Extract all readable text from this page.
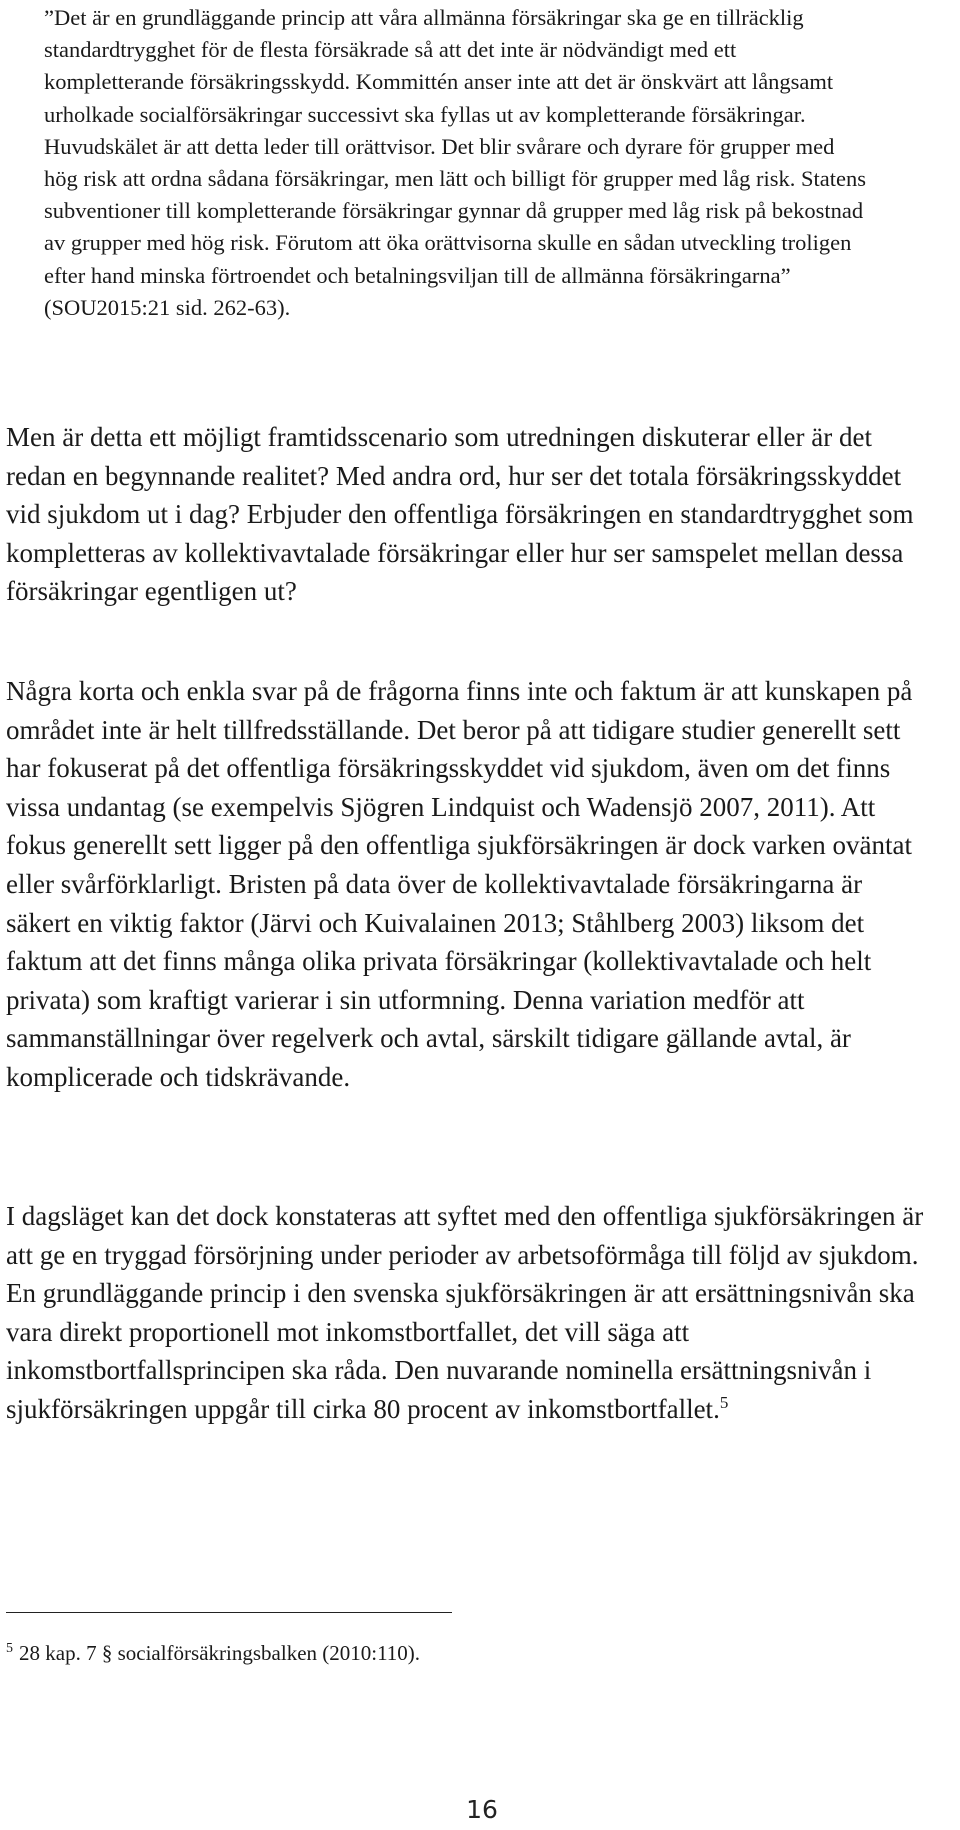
”Det är en grundläggande princip att våra allmänna försäkringar ska ge en tillräcklig standardtrygghet för de flesta försäkrade så att det inte är nödvändigt med ett kompletterande försäkringsskydd. Kommittén anser inte att det är önskvärt att långsamt urholkade socialförsäkringar successivt ska fyllas ut av kompletterande försäkringar. Huvudskälet är att detta leder till orättvisor. Det blir svårare och dyrare för grupper med hög risk att ordna sådana försäkringar, men lätt och billigt för grupper med låg risk. Statens subventioner till kompletterande försäkringar gynnar då grupper med låg risk på bekostnad av grupper med hög risk. Förutom att öka orättvisorna skulle en sådan utveckling troligen efter hand minska förtroendet och betalningsviljan till de allmänna försäkringarna” (SOU2015:21 sid. 262-63).

Men är detta ett möjligt framtidsscenario som utredningen diskuterar eller är det redan en begynnande realitet? Med andra ord, hur ser det totala försäkringsskyddet vid sjukdom ut i dag? Erbjuder den offentliga försäkringen en standardtrygghet som kompletteras av kollektivavtalade försäkringar eller hur ser samspelet mellan dessa försäkringar egentligen ut?

Några korta och enkla svar på de frågorna finns inte och faktum är att kunskapen på området inte är helt tillfredsställande. Det beror på att tidigare studier generellt sett har fokuserat på det offentliga försäkringsskyddet vid sjukdom, även om det finns vissa undantag (se exempelvis Sjögren Lindquist och Wadensjö 2007, 2011). Att fokus generellt sett ligger på den offentliga sjukförsäkringen är dock varken oväntat eller svårförklarligt. Bristen på data över de kollektivavtalade försäkringarna är säkert en viktig faktor (Järvi och Kuivalainen 2013; Ståhlberg 2003) liksom det faktum att det finns många olika privata försäkringar (kollektivavtalade och helt privata) som kraftigt varierar i sin utformning. Denna variation medför att sammanställningar över regelverk och avtal, särskilt tidigare gällande avtal, är komplicerade och tidskrävande.

I dagsläget kan det dock konstateras att syftet med den offentliga sjukförsäkringen är att ge en tryggad försörjning under perioder av arbetsoförmåga till följd av sjukdom. En grundläggande princip i den svenska sjukförsäkringen är att ersättningsnivån ska vara direkt proportionell mot inkomstbortfallet, det vill säga att inkomstbortfallsprincipen ska råda. Den nuvarande nominella ersättningsnivån i sjukförsäkringen uppgår till cirka 80 procent av inkomstbortfallet.$^5$

$^5$ 28 kap. 7 § socialförsäkringsbalken (2010:110).

16
